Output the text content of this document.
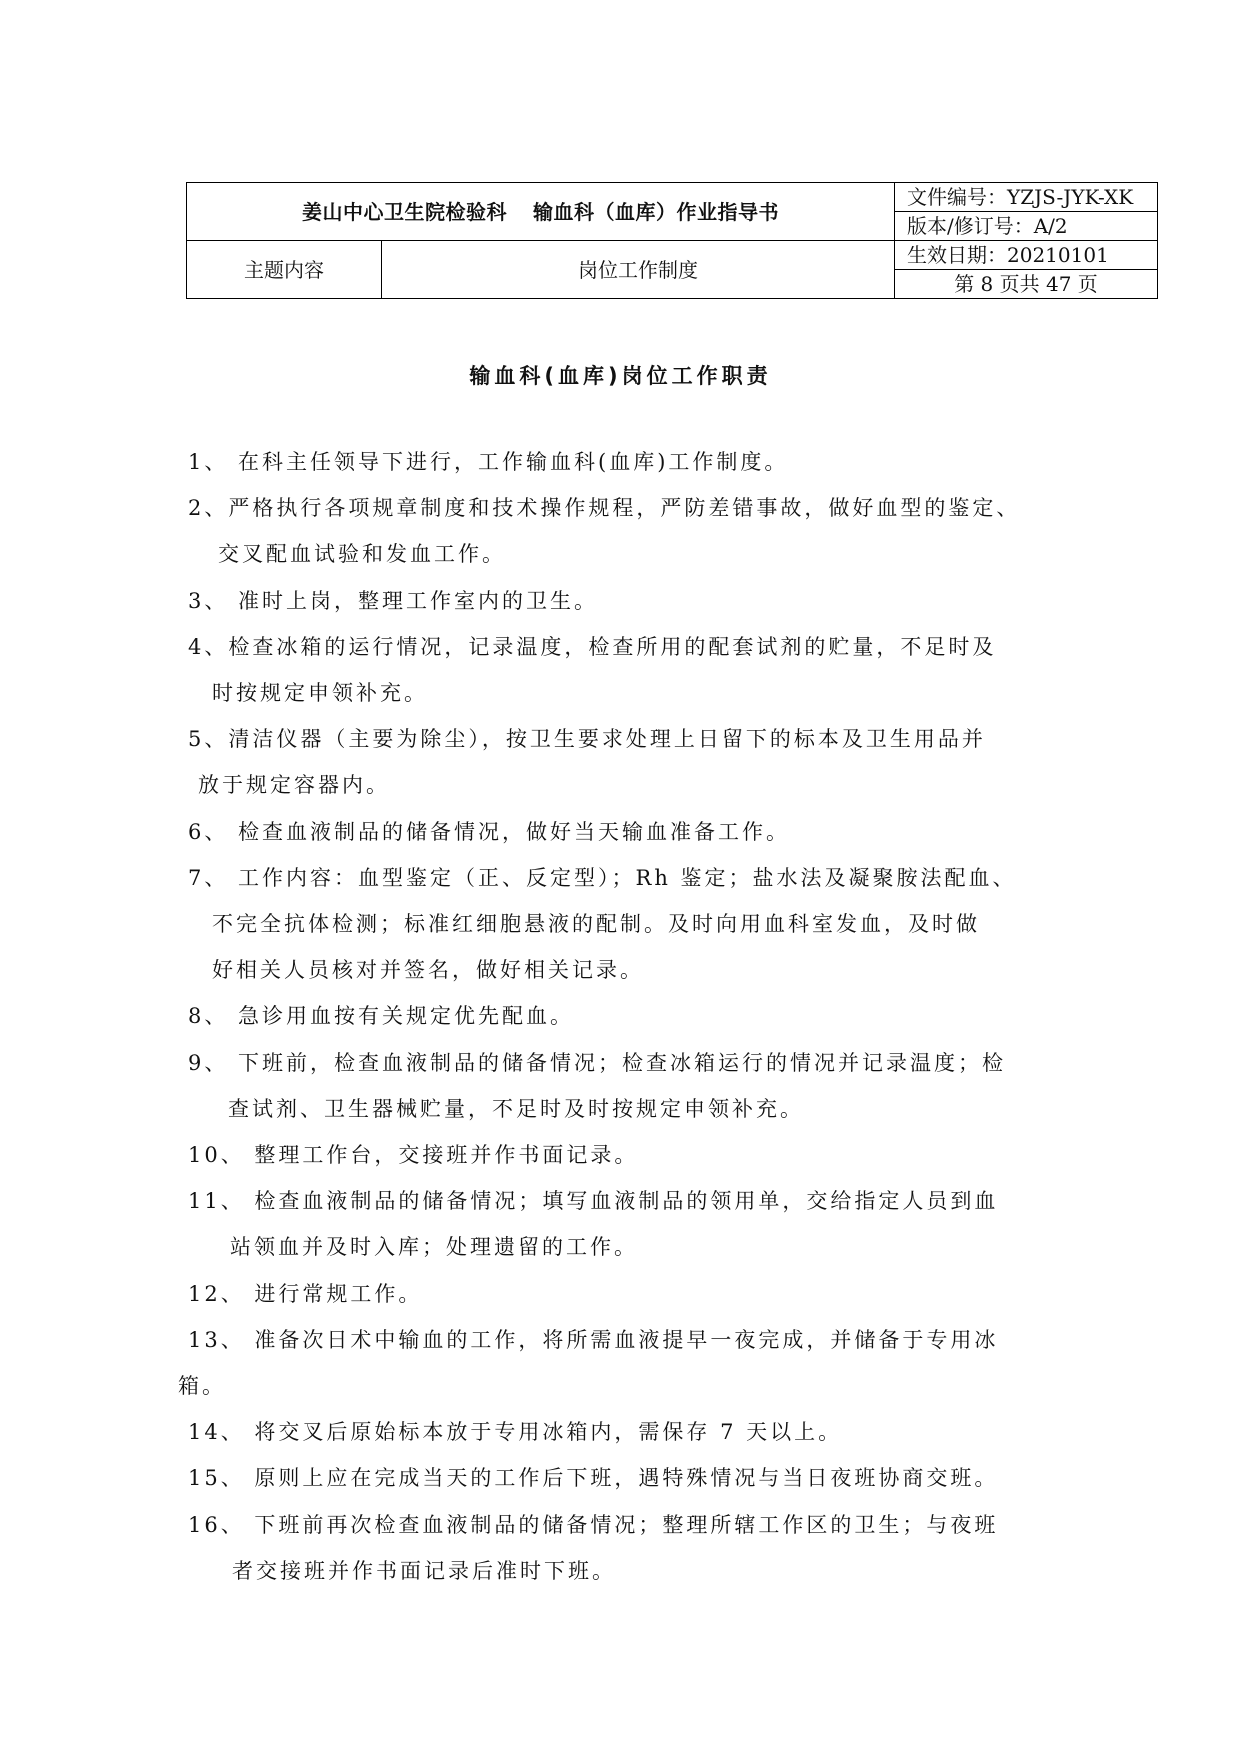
姜山中心卫生院检验科 输血科（血库）作业指导书		文件编号：YZJS-JYK-XK
		版本/修订号：A/2
主题内容	岗位工作制度	生效日期：20210101
		第 8 页共 47 页
输血科(血库)岗位工作职责
1、 在科主任领导下进行，工作输血科(血库)工作制度。
2、严格执行各项规章制度和技术操作规程，严防差错事故，做好血型的鉴定、
交叉配血试验和发血工作。
3、 准时上岗，整理工作室内的卫生。
4、检查冰箱的运行情况，记录温度，检查所用的配套试剂的贮量，不足时及
时按规定申领补充。
5、清洁仪器（主要为除尘），按卫生要求处理上日留下的标本及卫生用品并
放于规定容器内。
6、 检查血液制品的储备情况，做好当天输血准备工作。
7、 工作内容：血型鉴定（正、反定型）；Rh 鉴定；盐水法及凝聚胺法配血、
不完全抗体检测；标准红细胞悬液的配制。及时向用血科室发血，及时做
好相关人员核对并签名，做好相关记录。
8、 急诊用血按有关规定优先配血。
9、 下班前，检查血液制品的储备情况；检查冰箱运行的情况并记录温度；检
查试剂、卫生器械贮量，不足时及时按规定申领补充。
10、 整理工作台，交接班并作书面记录。
11、 检查血液制品的储备情况；填写血液制品的领用单，交给指定人员到血
站领血并及时入库；处理遗留的工作。
12、 进行常规工作。
13、 准备次日术中输血的工作，将所需血液提早一夜完成，并储备于专用冰
箱。
14、 将交叉后原始标本放于专用冰箱内，需保存 7 天以上。
15、 原则上应在完成当天的工作后下班，遇特殊情况与当日夜班协商交班。
16、 下班前再次检查血液制品的储备情况；整理所辖工作区的卫生；与夜班
者交接班并作书面记录后准时下班。
